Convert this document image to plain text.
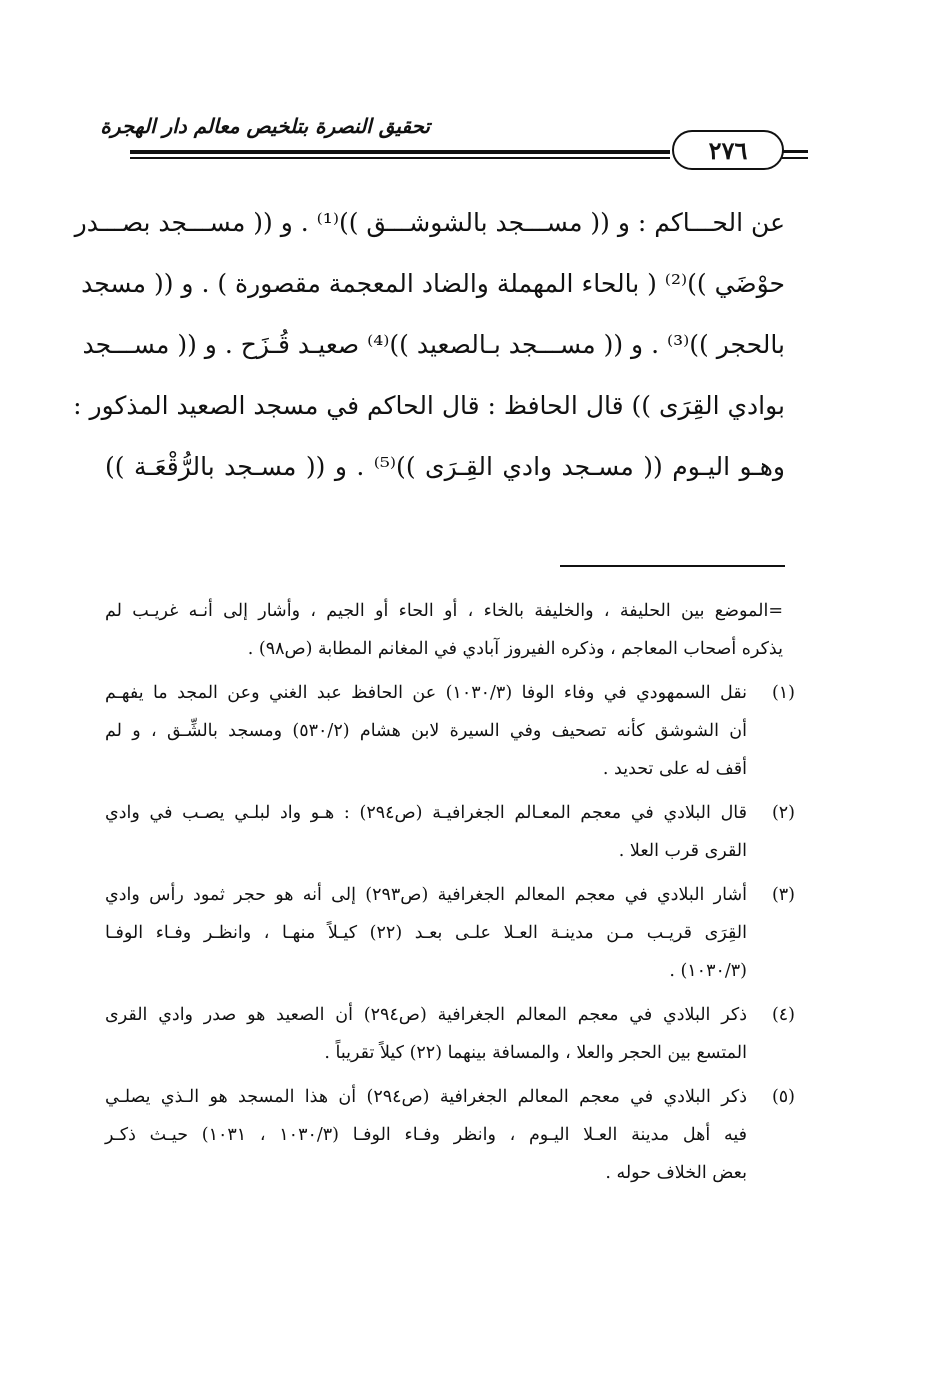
تحقيق النصرة بتلخيص معالم دار الهجرة
٢٧٦
عن الحـــاكم : و (( مســـجد بالشوشـــق ))⁽¹⁾ . و (( مســـجد بصـــدر
حوْضَي ))⁽²⁾ ( بالحاء المهملة والضاد المعجمة مقصورة ) . و (( مسجد
بالحجر ))⁽³⁾ . و (( مســـجد بـالصعيد ))⁽⁴⁾ صعيـد قُـزَح . و (( مســـجد
بوادي القِرَى )) قال الحافظ : قال الحاكم في مسجد الصعيد المذكور :
وهـو اليـوم (( مسـجد وادي القِـرَى ))⁽⁵⁾ . و (( مسـجد بالرُّقْعَـة ))
=الموضع بين الحليفة ، والخليفة بالخاء ، أو الحاء أو الجيم ، وأشار إلى أنـه غريـب لم
يذكره أصحاب المعاجم ، وذكره الفيروز آبادي في المغانم المطابة (ص٩٨) .
(١)
نقل السمهودي في وفاء الوفا (١٠٣٠/٣) عن الحافظ عبد الغني وعن المجد ما يفهـم
أن الشوشق كأنه تصحيف وفي السيرة لابن هشام (٥٣٠/٢) ومسجد بالشِّـق ، و لم
أقف له على تحديد .
(٢)
قال البلادي في معجم المعـالم الجغرافيـة (ص٢٩٤) : هـو واد لبلـي يصـب في وادي
القرى قرب العلا .
(٣)
أشار البلادي في معجم المعالم الجغرافية (ص٢٩٣) إلى أنه هو حجر ثمود رأس وادي
القِرَى قريـب مـن مدينـة العـلا علـى بعـد (٢٢) كيـلاً منهـا ، وانظـر وفـاء الوفـا
(١٠٣٠/٣) .
(٤)
ذكر البلادي في معجم المعالم الجغرافية (ص٢٩٤) أن الصعيد هو صدر وادي القرى
المتسع بين الحجر والعلا ، والمسافة بينهما (٢٢) كيلاً تقريباً .
(٥)
ذكر البلادي في معجم المعالم الجغرافية (ص٢٩٤) أن هذا المسجد هو الـذي يصلـي
فيه أهل مدينة العـلا اليـوم ، وانظر وفـاء الوفـا (١٠٣٠/٣ ، ١٠٣١) حيـث ذكـر
بعض الخلاف حوله .
